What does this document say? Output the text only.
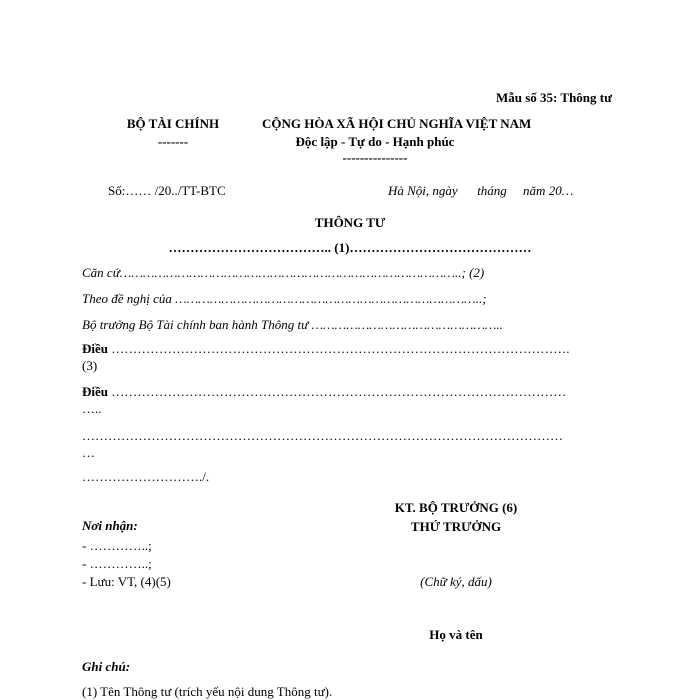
Mẫu số 35: Thông tư
BỘ TÀI CHÍNH
-------
CỘNG HÒA XÃ HỘI CHỦ NGHĨA VIỆT NAM
Độc lập - Tự do - Hạnh phúc
---------------
Số:…… /20../TT-BTC	Hà Nội, ngày      tháng     năm 20…
THÔNG TƯ
……………………………….. (1)……………………………………
Căn cứ……………………………………………………………………………..; (2)
Theo đề nghị của ……………………………………………………………………..;
Bộ trưởng Bộ Tài chính ban hành Thông tư …………………………………………..
Điều …………………………………………………………………………………………….
(3)
Điều ……………………………………………………………………………………………
…..
…………………………………………………………………………………………………
…
………………………./.
KT. BỘ TRƯỞNG (6)
THỨ TRƯỞNG
(Chữ ký, dấu)
Họ và tên
Nơi nhận:
- …………..;
- …………..;
- Lưu: VT, (4)(5)
Ghi chú:
(1) Tên Thông tư (trích yếu nội dung Thông tư).
